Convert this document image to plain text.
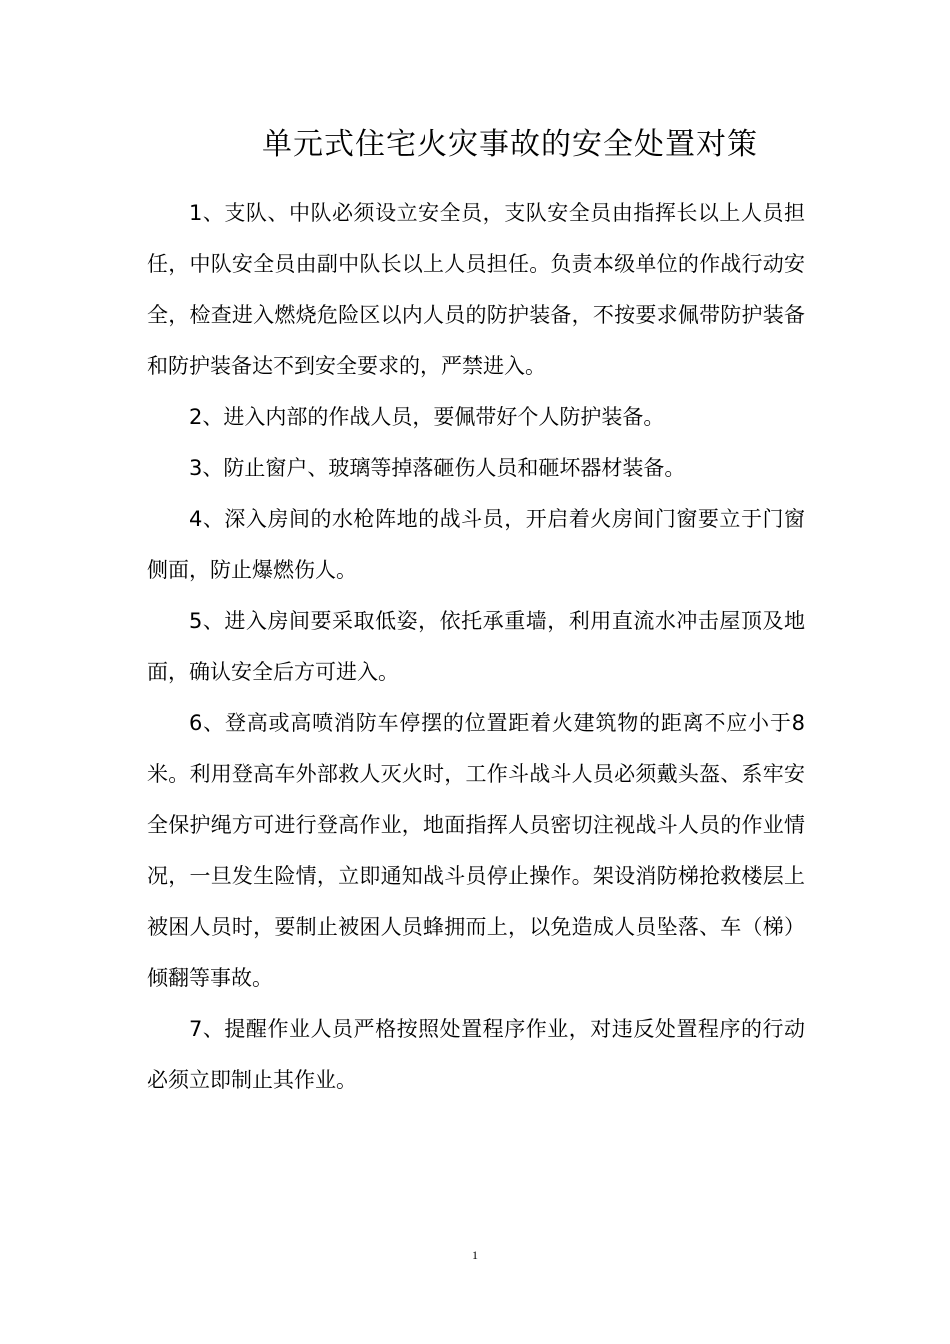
单元式住宅火灾事故的安全处置对策

1、支队、中队必须设立安全员，支队安全员由指挥长以上人员担任，中队安全员由副中队长以上人员担任。负责本级单位的作战行动安全，检查进入燃烧危险区以内人员的防护装备，不按要求佩带防护装备和防护装备达不到安全要求的，严禁进入。

2、进入内部的作战人员，要佩带好个人防护装备。

3、防止窗户、玻璃等掉落砸伤人员和砸坏器材装备。

4、深入房间的水枪阵地的战斗员，开启着火房间门窗要立于门窗侧面，防止爆燃伤人。

5、进入房间要采取低姿，依托承重墙，利用直流水冲击屋顶及地面，确认安全后方可进入。

6、登高或高喷消防车停摆的位置距着火建筑物的距离不应小于8米。利用登高车外部救人灭火时，工作斗战斗人员必须戴头盔、系牢安全保护绳方可进行登高作业，地面指挥人员密切注视战斗人员的作业情况，一旦发生险情，立即通知战斗员停止操作。架设消防梯抢救楼层上被困人员时，要制止被困人员蜂拥而上，以免造成人员坠落、车（梯）倾翻等事故。

7、提醒作业人员严格按照处置程序作业，对违反处置程序的行动必须立即制止其作业。

1
